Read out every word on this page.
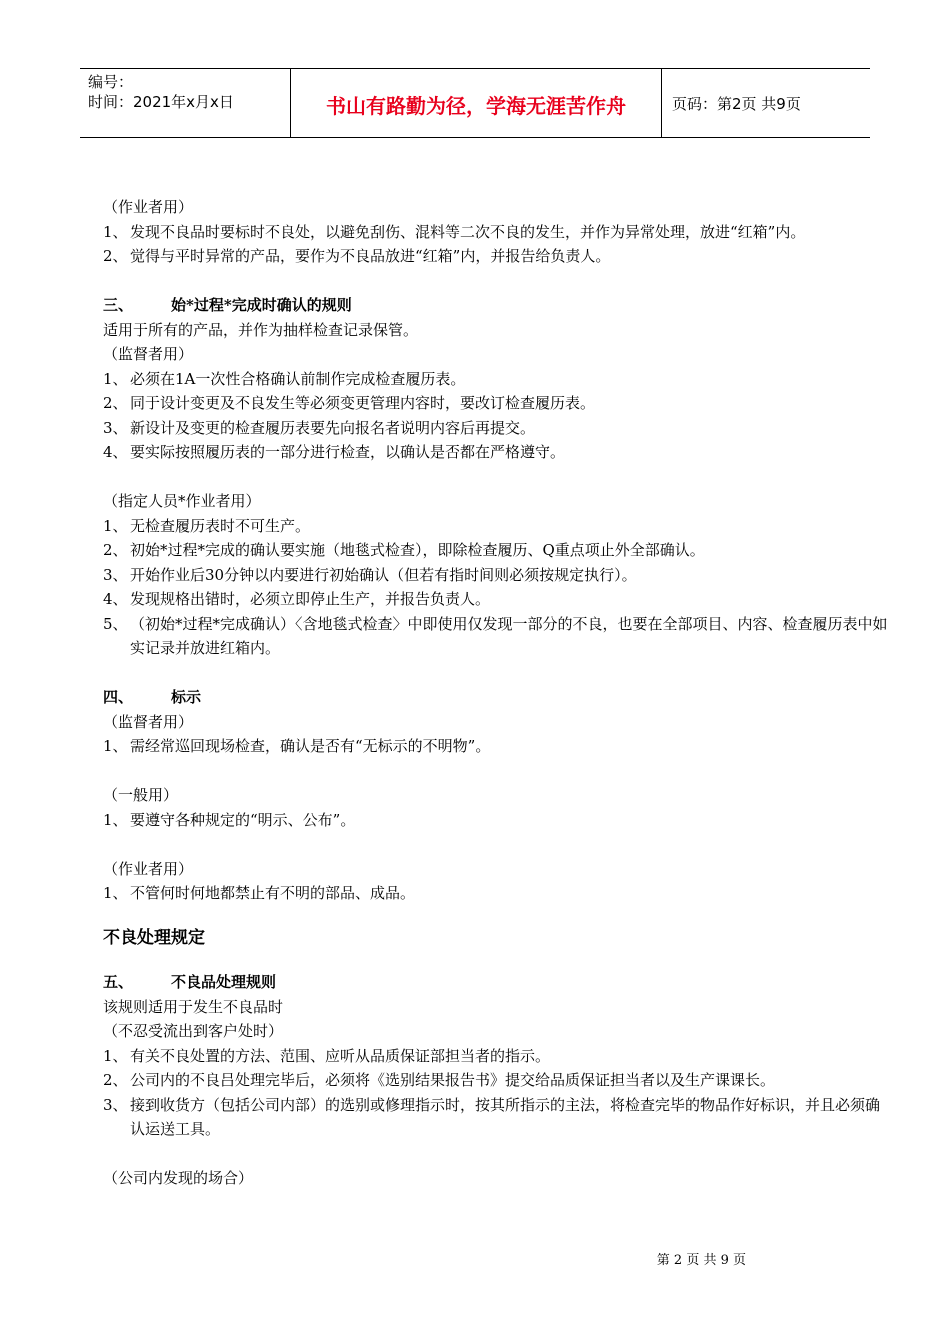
编号：
时间：2021年x月x日	书山有路勤为径，学海无涯苦作舟	页码：第2页 共9页
（作业者用）
1、 发现不良品时要标时不良处，以避免刮伤、混料等二次不良的发生，并作为异常处理，放进“红箱”内。
2、 觉得与平时异常的产品，要作为不良品放进“红箱”内，并报告给负责人。
三、	始*过程*完成时确认的规则
适用于所有的产品，并作为抽样检查记录保管。
（监督者用）
1、 必须在1A一次性合格确认前制作完成检查履历表。
2、 同于设计变更及不良发生等必须变更管理内容时，要改订检查履历表。
3、 新设计及变更的检查履历表要先向报名者说明内容后再提交。
4、 要实际按照履历表的一部分进行检查，以确认是否都在严格遵守。
（指定人员*作业者用）
1、 无检查履历表时不可生产。
2、 初始*过程*完成的确认要实施（地毯式检查），即除检查履历、Q重点项止外全部确认。
3、 开始作业后30分钟以内要进行初始确认（但若有指时间则必须按规定执行）。
4、 发现规格出错时，必须立即停止生产，并报告负责人。
5、 （初始*过程*完成确认）〈含地毯式检查〉中即使用仅发现一部分的不良，也要在全部项目、内容、检查履历表中如实记录并放进红箱内。
四、	标示
（监督者用）
1、 需经常巡回现场检查，确认是否有“无标示的不明物”。
（一般用）
1、 要遵守各种规定的“明示、公布”。
（作业者用）
1、 不管何时何地都禁止有不明的部品、成品。
不良处理规定
五、	不良品处理规则
该规则适用于发生不良品时
（不忍受流出到客户处时）
1、 有关不良处置的方法、范围、应听从品质保证部担当者的指示。
2、 公司内的不良吕处理完毕后，必须将《选别结果报告书》提交给品质保证担当者以及生产课课长。
3、 接到收货方（包括公司内部）的选别或修理指示时，按其所指示的主法，将检查完毕的物品作好标识，并且必须确认运送工具。
（公司内发现的场合）
第 2 页 共 9 页
